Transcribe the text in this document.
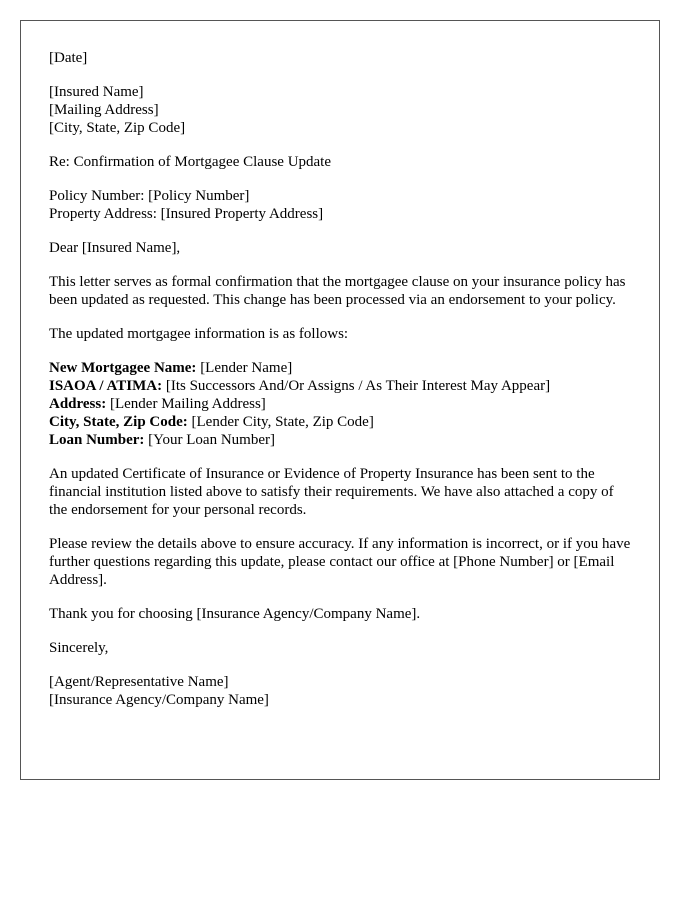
[Date]
[Insured Name]
[Mailing Address]
[City, State, Zip Code]
Re: Confirmation of Mortgagee Clause Update
Policy Number: [Policy Number]
Property Address: [Insured Property Address]
Dear [Insured Name],

This letter serves as formal confirmation that the mortgagee clause on your insurance policy has been updated as requested. This change has been processed via an endorsement to your policy.

The updated mortgagee information is as follows:

New Mortgagee Name: [Lender Name]
ISAOA / ATIMA: [Its Successors And/Or Assigns / As Their Interest May Appear]
Address: [Lender Mailing Address]
City, State, Zip Code: [Lender City, State, Zip Code]
Loan Number: [Your Loan Number]

An updated Certificate of Insurance or Evidence of Property Insurance has been sent to the financial institution listed above to satisfy their requirements. We have also attached a copy of the endorsement for your personal records.

Please review the details above to ensure accuracy. If any information is incorrect, or if you have further questions regarding this update, please contact our office at [Phone Number] or [Email Address].

Thank you for choosing [Insurance Agency/Company Name].

Sincerely,
[Agent/Representative Name]
[Insurance Agency/Company Name]
